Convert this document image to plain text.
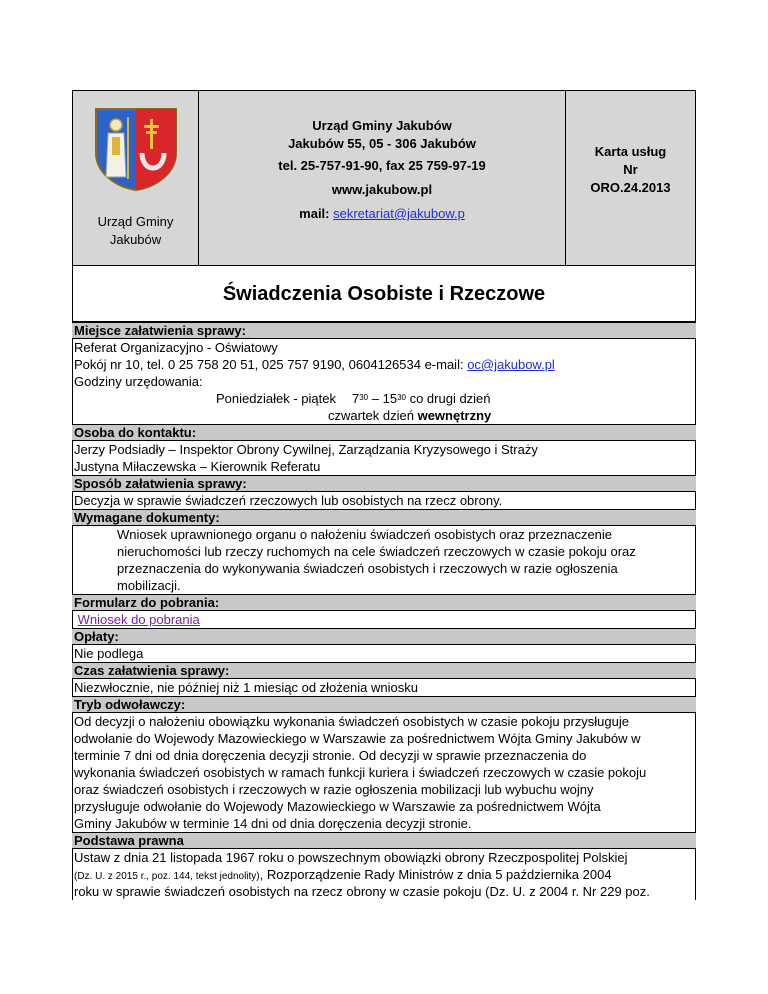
Urząd Gminy
Jakubów
Urząd Gminy Jakubów
Jakubów 55, 05 - 306 Jakubów
tel. 25-757-91-90, fax 25 759-97-19
www.jakubow.pl
mail: sekretariat@jakubow.p
Karta usług
Nr
ORO.24.2013
Świadczenia Osobiste i Rzeczowe
Miejsce załatwienia sprawy:
Referat Organizacyjno - Oświatowy
Pokój nr 10, tel. 0 25 758 20 51, 025 757 9190, 0604126534 e-mail: oc@jakubow.pl
Godziny urzędowania:
Poniedziałek - piątek $7^{30} - 15^{30}$ co drugi dzień
czwartek dzień wewnętrzny
Osoba do kontaktu:
Jerzy Podsiadły – Inspektor Obrony Cywilnej, Zarządzania Kryzysowego i Straży
Justyna Miłaczewska – Kierownik Referatu
Sposób załatwienia sprawy:
Decyzja w sprawie świadczeń rzeczowych lub osobistych na rzecz obrony.
Wymagane dokumenty:
Wniosek uprawnionego organu o nałożeniu świadczeń osobistych oraz przeznaczenie
nieruchomości lub rzeczy ruchomych na cele świadczeń rzeczowych w czasie pokoju oraz
przeznaczenia do wykonywania świadczeń osobistych i rzeczowych w razie ogłoszenia
mobilizacji.
Formularz do pobrania:
Wniosek do pobrania
Opłaty:
Nie podlega
Czas załatwienia sprawy:
Niezwłocznie, nie później niż 1 miesiąc od złożenia wniosku
Tryb odwoławczy:
Od decyzji o nałożeniu obowiązku wykonania świadczeń osobistych w czasie pokoju przysługuje
odwołanie do Wojewody Mazowieckiego w Warszawie za pośrednictwem Wójta Gminy Jakubów w
terminie 7 dni od dnia doręczenia decyzji stronie. Od decyzji w sprawie przeznaczenia do
wykonania świadczeń osobistych w ramach funkcji kuriera i świadczeń rzeczowych w czasie pokoju
oraz świadczeń osobistych i rzeczowych w razie ogłoszenia mobilizacji lub wybuchu wojny
przysługuje odwołanie do Wojewody Mazowieckiego w Warszawie za pośrednictwem Wójta
Gminy Jakubów w terminie 14 dni od dnia doręczenia decyzji stronie.
Podstawa prawna
Ustaw z dnia 21 listopada 1967 roku o powszechnym obowiązki obrony Rzeczpospolitej Polskiej
(Dz. U. z 2015 r., poz. 144, tekst jednolity), Rozporządzenie Rady Ministrów z dnia 5 października 2004
roku w sprawie świadczeń osobistych na rzecz obrony w czasie pokoju (Dz. U. z 2004 r. Nr 229 poz.
